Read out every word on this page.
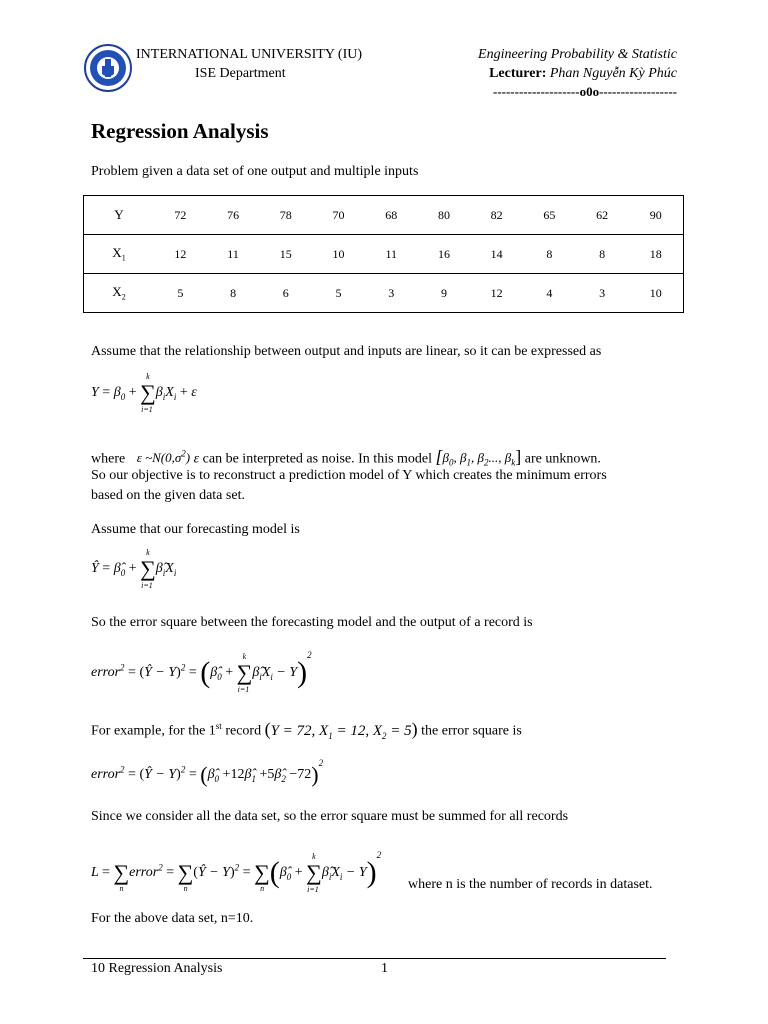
INTERNATIONAL UNIVERSITY (IU)
ISE Department
Engineering Probability & Statistic
Lecturer: Phan Nguyễn Kỳ Phúc
--------------------o0o------------------
Regression Analysis
Problem given a data set of one output and multiple inputs
Y	72	76	78	70	68	80	82	65	62	90
$X_1$	12	11	15	10	11	16	14	8	8	18
$X_2$	5	8	6	5	3	9	12	4	3	10
Assume that the relationship between output and inputs are linear, so it can be expressed as
$Y = \beta_0$ + ∑
k
i=1
$\beta_iX_i + \varepsilon$
where ε $\sim N(0,\sigma^2)$ ε can be interpreted as noise. In this model [$\beta_0$, $\beta_1$, $\beta_2$..., $\beta_k$] are unknown.
So our objective is to reconstruct a prediction model of Y which creates the minimum errors
based on the given data set.
Assume that our forecasting model is
Ŷ = $\betâ_0$ + ∑
k
i=1
$\betâ_iX_i$
So the error square between the forecasting model and the output of a record is
error$^2$ = (Ŷ − $Y)^2 = (\betâ_0$ + ∑
k
i=1
$\betâ_iX_i - Y)^2$
For example, for the 1st record (Y = 72, $X_1 = 12$, $X_2 = 5$) the error square is
error$^2$ = (Ŷ − $Y)^2 = (\betâ_0$ $+12\betâ_1$ $+5\betâ_2 -72)^2$
Since we consider all the data set, so the error square must be summed for all records
L = ∑
n
error$^2$ = ∑
n
(Ŷ − Y)$^2$ = ∑
n ($\betâ_0$ + ∑
k
i=1
$\betâ_iX_i - Y)^2$
where n is the number of records in dataset.
For the above data set, n=10.
10 Regression Analysis	1
